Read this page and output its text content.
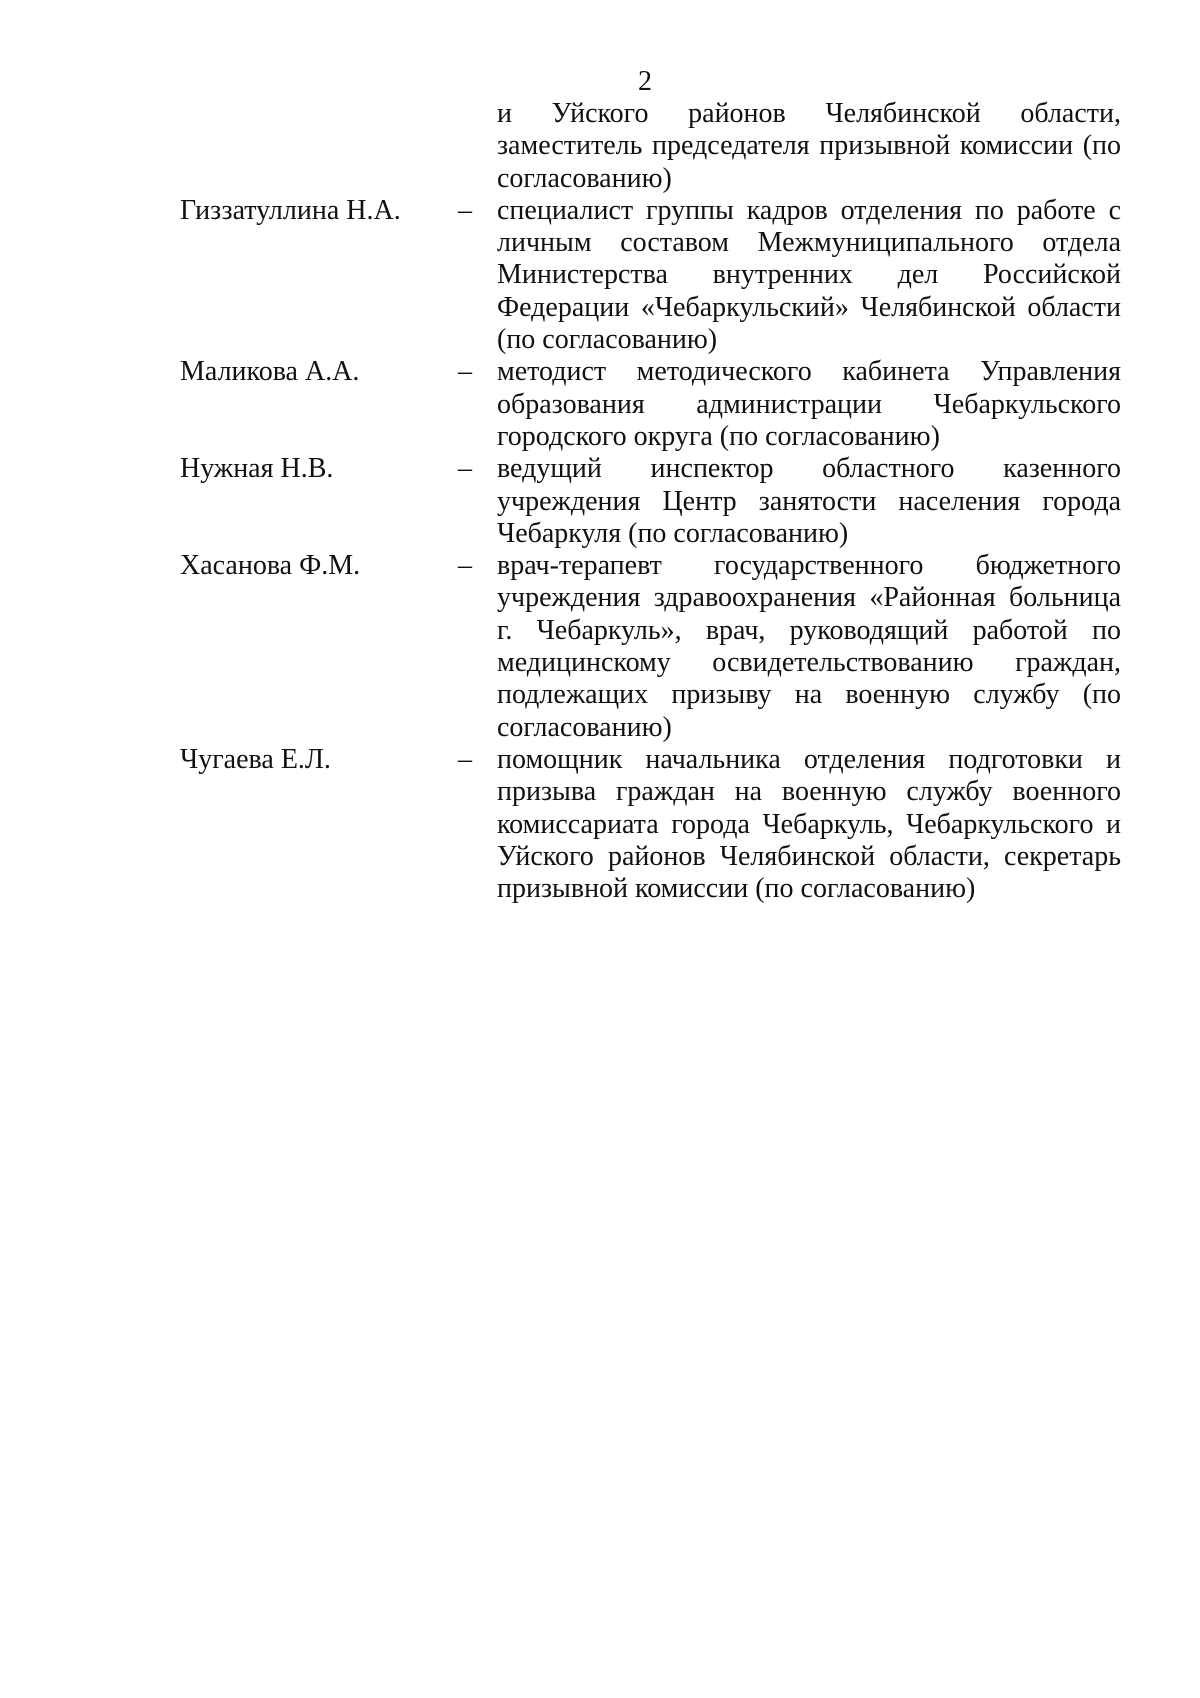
2
и Уйского районов Челябинской области, заместитель председателя призывной комиссии (по согласованию)
Гиззатуллина Н.А. – специалист группы кадров отделения по работе с личным составом Межмуниципального отдела Министерства внутренних дел Российской Федерации «Чебаркульский» Челябинской области (по согласованию)
Маликова А.А.	– методист методического кабинета Управления образования администрации Чебаркульского городского округа (по согласованию)
Нужная Н.В.	– ведущий инспектор областного казенного учреждения Центр занятости населения города Чебаркуля (по согласованию)
Хасанова Ф.М.	– врач-терапевт государственного бюджетного учреждения здравоохранения «Районная больница г. Чебаркуль», врач, руководящий работой по медицинскому освидетельствованию граждан, подлежащих призыву на военную службу (по согласованию)
Чугаева Е.Л.	– помощник начальника отделения подготовки и призыва граждан на военную службу военного комиссариата города Чебаркуль, Чебаркульского и Уйского районов Челябинской области, секретарь призывной комиссии (по согласованию)
